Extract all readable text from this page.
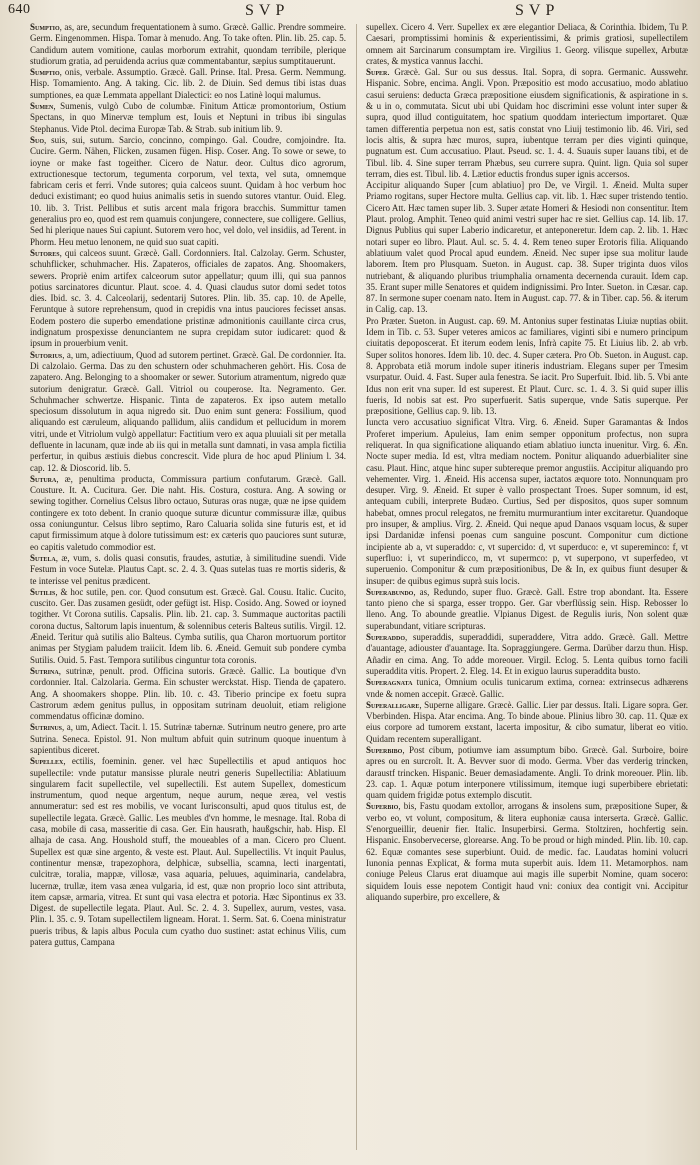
640	SVP	SVP

Sumptio, as, are, secundum frequentationem à sumo. Græcè. Gallic. Prendre sommeire. Germ. Eingenommen. Hispa. Tomar à menudo. Ang. To take often. Plin. lib. 25. cap. 5. Candidum autem vomitione, caulas morborum extrahit, quondam terribile, plerique studiorum gratia, ad peruidenda acrius quæ commentabantur, sæpius sumptitauerunt.

Sumptio, onis, verbale. Assumptio. Græcè. Gall. Prinse. Ital. Presa. Germ. Nemmung. Hisp. Tomamiento. Ang. A taking. Cic. lib. 2. de Diuin. Sed demus tibi istas duas sumptiones, ea quæ Lemmata appellant Dialectici: eo nos Latinè loqui malumus.

Sumen, Sumenis, vulgò Cubo de columbæ. Finitum Atticæ promontorium, Ostium Spectans, in quo Minervæ templum est, Iouis et Neptuni in tribus ibi singulas Stephanus. Vide Ptol. decima Europæ Tab. & Strab. sub initium lib. 9.

Suo, suis, sui, sutum. Sarcio, concinno, compingo. Gal. Coudre, comjoindre. Ita. Cucire. Germ. Nähen, Flicken, zusamen fügen. Hisp. Coser. Ang. To sowe or sewe, to ioyne or make fast togeither. Cicero de Natur. deor. Cultus dico agrorum, extructionesque tectorum, tegumenta corporum, vel texta, vel suta, omnemque fabricam ceris et ferri. Vnde sutores; quia calceos suunt. Quidam à hoc verbum hoc deduci existimant; eo quod huius animalis setis in suendo sutores vtantur. Ouid. Eleg. 10. lib. 3. Trist. Pellibus et sutis arcent mala frigora bracchis. Summittur tamen generalius pro eo, quod est rem quamuis conjungere, connectere, sue colligere. Gellius, Sed hi plerique naues Sui capiunt. Sutorem vero hoc, vel dolo, vel insidiis, ad Terent. in Phorm. Heu metuo lenonem, ne quid suo suat capiti.

Sutores, qui calceos suunt. Græcè. Gall. Cordonniers. Ital. Calzolay. Germ. Schuster, schuhflicker, schuhmacher. His. Zapateros, officiales de zapatos. Ang. Shoomakers, sewers. Propriè enim artifex calceorum sutor appellatur; quum illi, qui sua pannos potius sarcinatores dicuntur. Plaut. scoe. 4. 4. Quasi claudus sutor domi sedet totos dies. Ibid. sc. 3. 4. Calceolarij, sedentarij Sutores. Plin. lib. 35. cap. 10. de Apelle, Feruntque à sutore reprehensum, quod in crepidis vna intus pauciores fecisset ansas. Eodem postero die superbo emendatione pristinæ admonitionis cauillante circa crus, indignatum prospexisse denunciantem ne supra crepidam sutor iudicaret: quod & ipsum in prouerbium venit.

Sutorius, a, um, adiectiuum, Quod ad sutorem pertinet. Græcè. Gal. De cordonnier. Ita. Di calzolaio. Germa. Das zu den schustern oder schuhmacheren gehört. His. Cosa de zapatero. Ang. Belonging to a shoomaker or sewer. Sutorium atramentum, nigredo quæ sutorium denigratur. Græcè. Gall. Vitriol ou couperose. Ita. Negramento. Ger. Schuhmacher schwertze. Hispanic. Tinta de zapateros. Ex ipso autem metallo speciosum dissolutum in aqua nigredo sit. Duo enim sunt genera: Fossilium, quod aliquando est cæruleum, aliquando pallidum, aliis candidum et pellucidum in morem vitri, unde et Vitriolum vulgò appellatur: Factitium vero ex aqua pluuiali sit per metalla defluente in lacunam, quæ inde ab iis qui in metalla sunt damnati, in vasa ampla fictilia perfertur, in quibus æstiuis diebus concrescit. Vide plura de hoc apud Plinium l. 34. cap. 12. & Dioscorid. lib. 5.

Sutura, æ, penultima producta, Commissura partium confutarum. Græcè. Gall. Cousture. It. A. Cucitura. Ger. Die naht. His. Costura, costura. Ang. A sowing or sewing togither. Cornelius Celsus libro octauo, Suturas oras nugæ, quæ ne ipse quidem contingere ex toto debent. In cranio quoque suturæ dicuntur commissuræ illæ, quibus ossa coniunguntur. Celsus libro septimo, Raro Caluaria solida sine futuris est, et id caput firmissimum atque à dolore tutissimum est: ex cæteris quo pauciores sunt suturæ, eo capitis valetudo commodior est.

Sutela, æ, vum, s. dolis quasi consutis, fraudes, astutiæ, à similitudine suendi. Vide Festum in voce Sutelæ. Plautus Capt. sc. 2. 4. 3. Quas sutelas tuas re mortis sideris, & te interisse vel penitus prædicent.

Sutilis, & hoc sutile, pen. cor. Quod consutum est. Græcè. Gal. Cousu. Italic. Cucito, cuscito. Ger. Das zusamen gesüdt, oder gefügt ist. Hisp. Cosido. Ang. Sowed or ioyned togither. Vt Corona sutilis. Capsalis. Plin. lib. 21. cap. 3. Summaque auctoritas pactili corona ductus, Saltorum lapis inuentum, & solennibus ceteris Balteus sutilis. Virgil. 12. Æneid. Teritur quà sutilis alio Balteus. Cymba sutilis, qua Charon mortuorum portitor animas per Stygiam paludem traiicit. Idem lib. 6. Æneid. Gemuit sub pondere cymba Sutilis. Ouid. 5. Fast. Tempora sutilibus cinguntur tota coronis.

Sutrina, sutrinæ, penult. prod. Officina sutoris. Græcè. Gallic. La boutique d'vn cordonnier. Ital. Calzolaria. Germa. Ein schuster werckstat. Hisp. Tienda de çapatero. Ang. A shoomakers shoppe. Plin. lib. 10. c. 43. Tiberio principe ex foetu supra Castrorum ædem genitus pullus, in oppositam sutrinam deuoluit, etiam religione commendatus officinæ domino.

Sutrinus, a, um, Adiect. Tacit. l. 15. Sutrinæ tabernæ. Sutrinum neutro genere, pro arte Sutrina. Seneca. Epistol. 91. Non multum abfuit quin sutrinum quoque inuentum à sapientibus diceret.

Supellex, ectilis, foeminin. gener. vel hæc Supellectilis et apud antiquos hoc supellectile: vnde putatur mansisse plurale neutri generis Supellectilia: Ablatiuum singularem facit supellectile, vel supellectili. Est autem Supellex, domesticum instrumentum, quod neque argentum, neque aurum, neque ærea, vel vestis annumeratur: sed est res mobilis, ve vocant Iurisconsulti, apud quos titulus est, de supellectile legata. Græcè. Gallic. Les meubles d'vn homme, le mesnage. Ital. Roba di casa, mobile di casa, masseritie di casa. Ger. Ein hausrath, haußgschir, hab. Hisp. El alhaja de casa. Ang. Houshold stuff, the moueables of a man. Cicero pro Cluent. Supellex est quæ sine argento, & veste est. Plaut. Aul. Supellectilis. Vt inquit Paulus, continentur mensæ, trapezophora, delphicæ, subsellia, scamna, lecti inargentati, culcitræ, toralia, mappæ, villosæ, vasa aquaria, peluues, aquiminaria, candelabra, lucernæ, trullæ, item vasa ænea vulgaria, id est, quæ non proprio loco sint attributa, item capsæ, armaria, vitrea. Et sunt qui vasa electra et potoria. Hæc Sipontinus ex 33. Digest. de supellectile legata. Plaut. Aul. Sc. 2. 4. 3. Supellex, aurum, vestes, vasa. Plin. l. 35. c. 9. Totam supellectilem ligneam. Horat. 1. Serm. Sat. 6. Coena ministratur pueris tribus, & lapis albus Pocula cum cyatho duo sustinet: astat echinus Vilis, cum patera guttus, Campana

supellex. Cicero 4. Verr. Supellex ex ære elegantior Deliaca, & Corinthia. Ibidem, Tu P. Caesari, promptissimi hominis & experientissimi, & primis gratiosi, supellectilem omnem ait Sarcinarum consumptam ire. Virgilius 1. Georg. vilisque supellex, Arbutæ crates, & mystica vannus Iacchi.

Super. Græcè. Gal. Sur ou sus dessus. Ital. Sopra, di sopra. Germanic. Ausswehr. Hispanic. Sobre, encima. Angli. Vpon. Præpositio est modo accusatiuo, modo ablatiuo casui seruiens: deducta Græca præpositione eiusdem significationis, & aspiratione in s. & u in o, commutata. Sicut ubi ubi Quidam hoc discrimini esse volunt inter super & supra, quod illud contiguitatem, hoc spatium quoddam interiectum importaret. Quæ tamen differentia perpetua non est, satis constat vno Liuij testimonio lib. 46. Viri, sed locis altis, & supra hæc muros, supra, iubentque terram per dies viginti quinque, pugnatum est. Cum accusatiuo. Plaut. Pseud. sc. 1. 4. 4. Suauis super lauans tibi, et de Tibul. lib. 4. Sine super terram Phæbus, seu currere supra. Quint. lign. Quia sol super terram, dies est. Tibul. lib. 4. Lætior eductis frondus super ignis accersos.

Accipitur aliquando Super [cum ablatiuo] pro De, ve Virgil. 1. Æneid. Multa super Priamo rogitans, super Hectore multa. Gellius cap. vit. lib. 1. Hæc super tristendo tentio. Cicero Att. Hæc tamen super lib. 3. Super ætate Homeri & Hesiodi non consentitur. Item Plaut. prolog. Amphit. Teneo quid animi vestri super hac re siet. Gellius cap. 14. lib. 17. Dignus Publius qui super Laberio indicaretur, et anteponeretur. Idem cap. 2. lib. 1. Hæc notari super eo libro. Plaut. Aul. sc. 5. 4. 4. Rem teneo super Erotoris filia. Aliquando ablatiuum valet quod Procal apud eundem. Æneid. Nec super ipse sua molitur laude laborem. Item pro Plusquam. Sueton. in August. cap. 38. Super triginta duos vilos nutriebant, & aliquando pluribus triumphalia ornamenta decernenda curauit. Idem cap. 35. Erant super mille Senatores et quidem indignissimi. Pro Inter. Sueton. in Cæsar. cap. 87. In sermone super coenam nato. Item in August. cap. 77. & in Tiber. cap. 56. & iterum in Calig. cap. 13.

Pro Præter. Sueton. in August. cap. 69. M. Antonius super festinatas Liuiæ nuptias obiit. Idem in Tib. c. 53. Super veteres amicos ac familiares, viginti sibi e numero principum ciuitatis depoposcerat. Et iterum eodem lenis, Infrà capite 75. Et Liuius lib. 2. ab vrb. Super solitos honores. Idem lib. 10. dec. 4. Super cætera. Pro Ob. Sueton. in August. cap. 8. Approbata etiã morum indole super itineris industriam. Elegans super per Tmesim vsurpatur. Ouid. 4. Fast. Super aula fenestra. Se iacit. Pro Superfuit. Ibid. lib. 5. Vbi ante Idus non erit vna super. Id est superest. Et Plaut. Curc. sc. 1. 4. 3. Si quid super illis fueris, Id nobis sat est. Pro superfuerit. Satis superque, vnde Satis superque. Per præpositione, Gellius cap. 9. lib. 13.

Iuncta vero accusatiuo significat Vltra. Virg. 6. Æneid. Super Garamantas & Indos Proferet imperium. Apuleius, Iam enim semper opponitum profectus, non supra reliquerat. In qua significatione aliquando etiam ablatiuo iuncta inuenitur. Virg. 6. Æn. Nocte super media. Id est, vltra mediam noctem. Ponitur aliquando aduerbialiter sine casu. Plaut. Hinc, atque hinc super subtereque premor angustiis. Accipitur aliquando pro vehementer. Virg. 1. Æneid. His accensa super, iactatos æquore toto. Nonnunquam pro desuper. Virg. 9. Æneid. Et super è vallo prospectant Troes. Super somnum, id est, antequam cubili, interprete Budæo. Curtius, Sed per dispositos, quos super somnum habebat, omnes procul relegatos, ne fremitu murmurantium inter excitaretur. Quandoque pro insuper, & amplius. Virg. 2. Æneid. Qui neque apud Danaos vsquam locus, & super ipsi Dardanidæ infensi poenas cum sanguine poscunt. Componitur cum dictione incipiente ab a, vt superaddo: c, vt supercido: d, vt superduco: e, vt supereminco: f, vt superfluo: i, vt superindicco, m, vt supermco: p, vt superpono, vt superfedeo, vt superuenio. Componitur & cum præpositionibus, De & In, ex quibus fiunt desuper & insuper: de quibus egimus suprà suis locis.

Superabundo, as, Redundo, super fluo. Græcè. Gall. Estre trop abondant. Ita. Essere tanto pieno che si sparga, esser troppo. Ger. Gar vberflüssig sein. Hisp. Rebosser lo lleno. Ang. To abounde greatlie. Vlpianus Digest. de Regulis iuris, Non solent quæ superabundant, vitiare scripturas.

Superaddo, superaddis, superaddidi, superaddere, Vitra addo. Græcè. Gall. Mettre d'auantage, adiouster d'auantage. Ita. Sopraggiungere. Germa. Darüber darzu thun. Hisp. Añadir en cima. Ang. To adde moreouer. Virgil. Eclog. 5. Lenta quibus torno facili superaddita vitis. Propert. 2. Eleg. 14. Et in exiguo laurus superaddita busto.

Superagnata tunica, Omnium oculis tunicarum extima, cornea: extrinsecus adhærens vnde & nomen accepit. Græcè. Gallic.

Superalligare, Superne alligare. Græcè. Gallic. Lier par dessus. Itali. Ligare sopra. Ger. Vberbinden. Hispa. Atar encima. Ang. To binde aboue. Plinius libro 30. cap. 11. Quæ ex eius corpore ad tumorem exstant, lacerta impositur, & cibo sumatur, liberat eo vitio. Quidam recentem superalligant.

Superbibo, Post cibum, potiumve iam assumptum bibo. Græcè. Gal. Surboire, boire apres ou en surcroît. It. A. Bevver suor di modo. Germa. Vber das verderig trincken, daraustf trincken. Hispanic. Beuer demasiadamente. Angli. To drink moreouer. Plin. lib. 23. cap. 1. Aquæ potum interponere vtilissimum, itemque iugi superbibere ebrietati: quam quidem frigidæ potus extemplo discutit.

Superbio, bis, Fastu quodam extollor, arrogans & insolens sum, præpositione Super, & verbo eo, vt volunt, compositum, & litera euphoniæ causa interserta. Græcè. Gallic. S'enorgueillir, deuenir fier. Italic. Insuperbirsi. Germa. Stoltziren, hochfertig sein. Hispanic. Ensobervecerse, glorearse. Ang. To be proud or high minded. Plin. lib. 10. cap. 62. Equæ comantes sese superbiunt. Ouid. de medic. fac. Laudatas homini volucri Iunonia pennas Explicat, & forma muta superbit auis. Idem 11. Metamorphos. nam coniuge Peleus Clarus erat diuamque aui magis ille superbit Nomine, quam socero: siquidem Iouis esse nepotem Contigit haud vni: coniux dea contigit vni. Accipitur aliquando superbire, pro excellere, &
